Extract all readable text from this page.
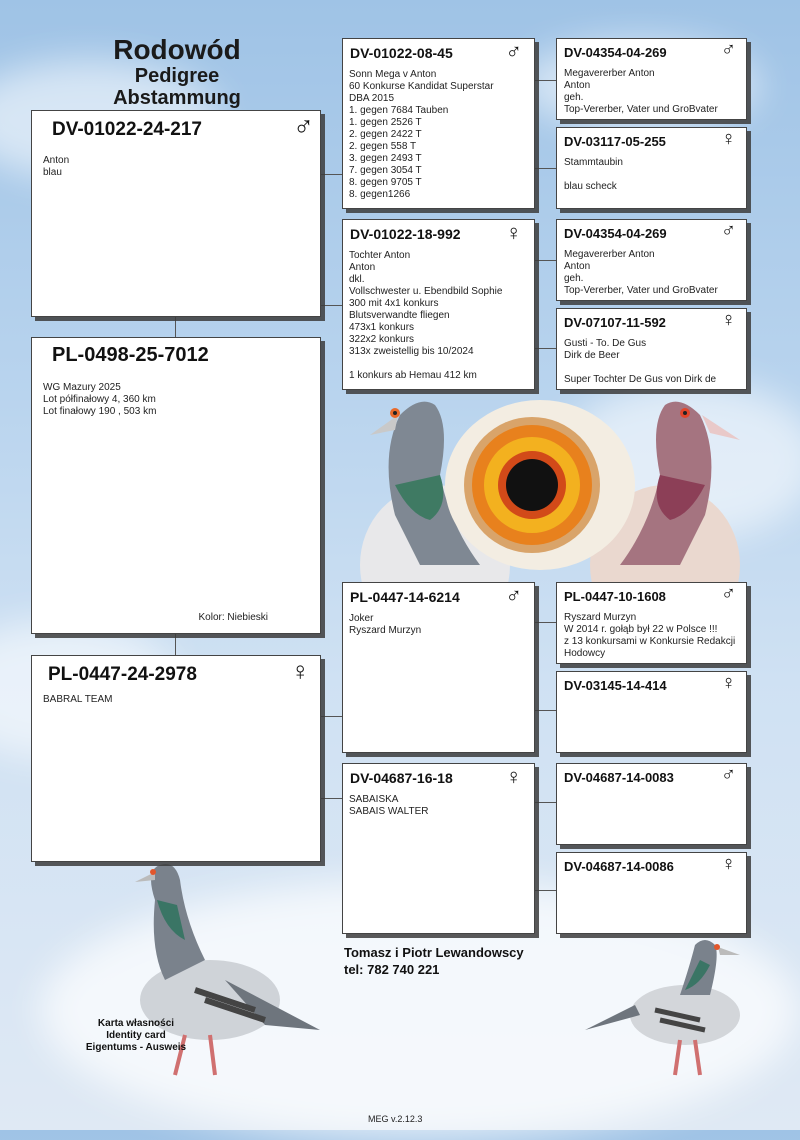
Rodowód
Pedigree
Abstammung
DV-01022-24-217	♂
Anton
blau
PL-0498-25-7012
WG Mazury 2025
Lot półfinałowy 4, 360 km
Lot finałowy 190 , 503 km
Kolor: Niebieski
PL-0447-24-2978	♀
BABRAL TEAM
DV-01022-08-45 ♂
Sonn Mega v Anton
60 Konkurse Kandidat Superstar
DBA 2015
1. gegen 7684 Tauben
1. gegen 2526 T
2. gegen 2422 T
2. gegen 558 T
3. gegen 2493 T
7. gegen 3054 T
8. gegen 9705 T
8. gegen1266
DV-01022-18-992 ♀
Tochter Anton
Anton
dkl.
Vollschwester u. Ebendbild Sophie
300 mit 4x1 konkurs
Blutsverwandte fliegen
473x1 konkurs
322x2 konkurs
313x zweistellig bis 10/2024

1 konkurs ab Hemau 412 km
PL-0447-14-6214 ♂
Joker
Ryszard Murzyn
DV-04687-16-18 ♀
SABAISKA
SABAIS WALTER
DV-04354-04-269	♂
Megavererber Anton
Anton
geh.
Top-Vererber, Vater und GroBvater
DV-03117-05-255	♀
Stammtaubin

blau scheck
DV-04354-04-269	♂
Megavererber Anton
Anton
geh.
Top-Vererber, Vater und GroBvater
DV-07107-11-592	♀
Gusti - To. De Gus
Dirk de Beer

Super Tochter De Gus von Dirk de
PL-0447-10-1608	♂
Ryszard Murzyn
W 2014 r. gołąb był 22 w Polsce !!!
z 13 konkursami w Konkursie Redakcji
Hodowcy
DV-03145-14-414	♀
DV-04687-14-0083 ♂
DV-04687-14-0086 ♀
Tomasz i Piotr Lewandowscy
tel: 782 740 221
Karta własności
Identity card
Eigentums - Ausweis
MEG v.2.12.3
